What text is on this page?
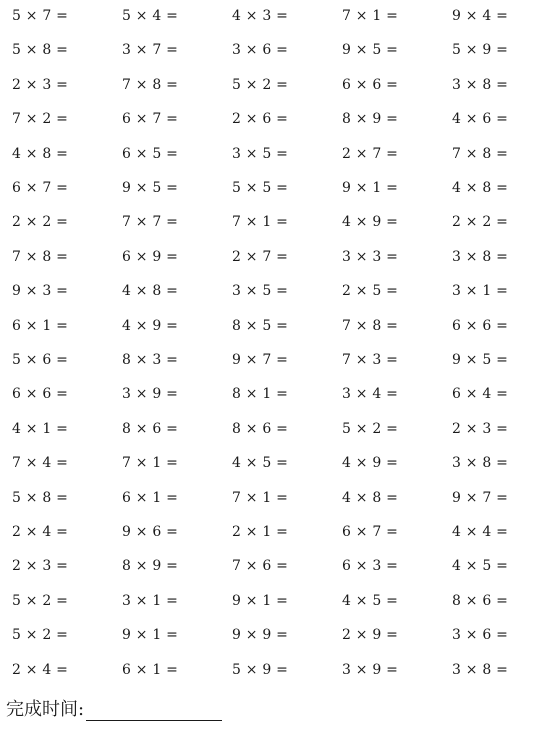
5 × 7 =	5 × 4 =	4 × 3 =	7 × 1 =	9 × 4 =
5 × 8 =	3 × 7 =	3 × 6 =	9 × 5 =	5 × 9 =
2 × 3 =	7 × 8 =	5 × 2 =	6 × 6 =	3 × 8 =
7 × 2 =	6 × 7 =	2 × 6 =	8 × 9 =	4 × 6 =
4 × 8 =	6 × 5 =	3 × 5 =	2 × 7 =	7 × 8 =
6 × 7 =	9 × 5 =	5 × 5 =	9 × 1 =	4 × 8 =
2 × 2 =	7 × 7 =	7 × 1 =	4 × 9 =	2 × 2 =
7 × 8 =	6 × 9 =	2 × 7 =	3 × 3 =	3 × 8 =
9 × 3 =	4 × 8 =	3 × 5 =	2 × 5 =	3 × 1 =
6 × 1 =	4 × 9 =	8 × 5 =	7 × 8 =	6 × 6 =
5 × 6 =	8 × 3 =	9 × 7 =	7 × 3 =	9 × 5 =
6 × 6 =	3 × 9 =	8 × 1 =	3 × 4 =	6 × 4 =
4 × 1 =	8 × 6 =	8 × 6 =	5 × 2 =	2 × 3 =
7 × 4 =	7 × 1 =	4 × 5 =	4 × 9 =	3 × 8 =
5 × 8 =	6 × 1 =	7 × 1 =	4 × 8 =	9 × 7 =
2 × 4 =	9 × 6 =	2 × 1 =	6 × 7 =	4 × 4 =
2 × 3 =	8 × 9 =	7 × 6 =	6 × 3 =	4 × 5 =
5 × 2 =	3 × 1 =	9 × 1 =	4 × 5 =	8 × 6 =
5 × 2 =	9 × 1 =	9 × 9 =	2 × 9 =	3 × 6 =
2 × 4 =	6 × 1 =	5 × 9 =	3 × 9 =	3 × 8 =
完成时间:
